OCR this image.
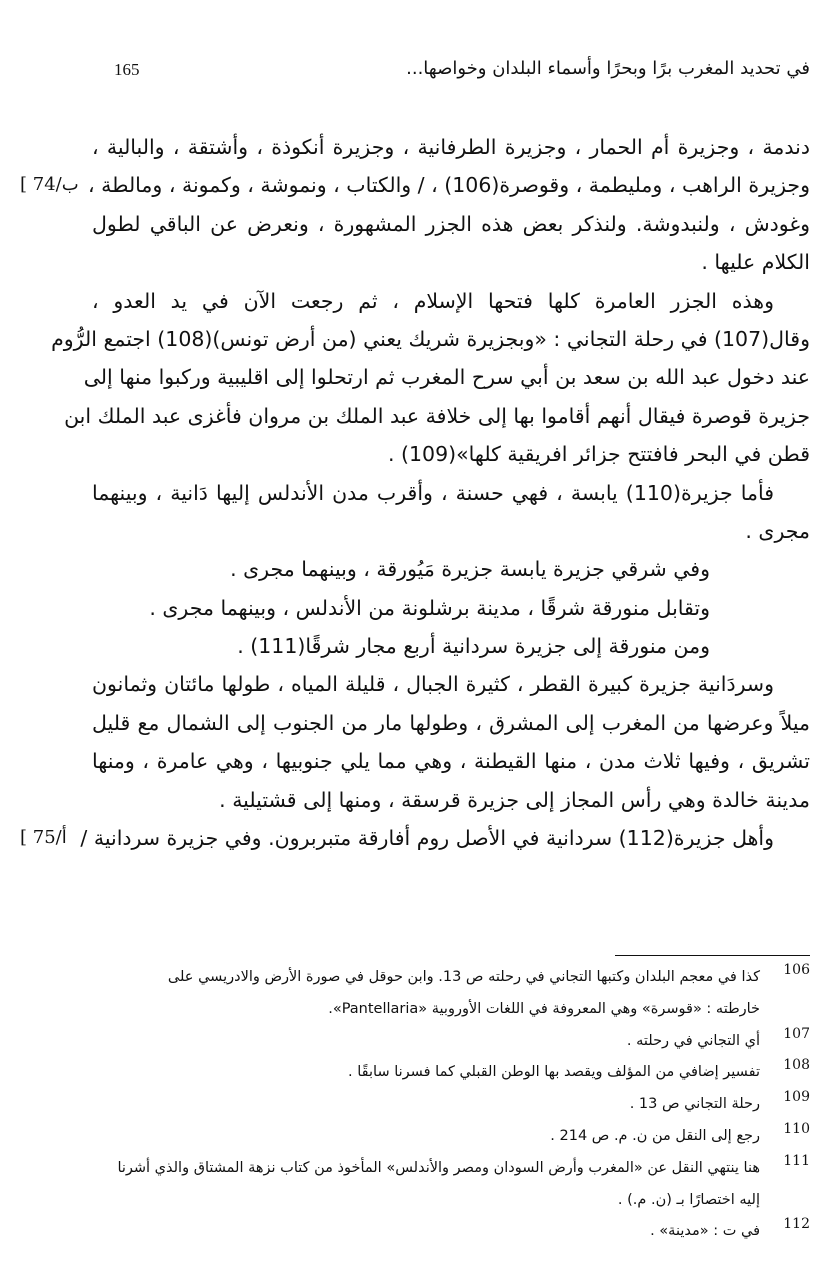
165	في تحديد المغرب برًا وبحرًا وأسماء البلدان وخواصها...
دندمة ، وجزيرة أم الحمار ، وجزيرة الطرفانية ، وجزيرة أنكوذة ، وأشتقة ، والبالية ،
وجزيرة الراهب ، ومليطمة ، وقوصرة(106) ، / والكتاب ، ونموشة ، وكمونة ، ومالطة ،
وغودش ، ولنبدوشة. ولنذكر بعض هذه الجزر المشهورة ، ونعرض عن الباقي لطول
الكلام عليها .
وهذه الجزر العامرة كلها فتحها الإسلام ، ثم رجعت الآن في يد العدو ،
وقال(107) في رحلة التجاني : «وبجزيرة شريك يعني (من أرض تونس)(108) اجتمع الرُّوم
عند دخول عبد الله بن سعد بن أبي سرح المغرب ثم ارتحلوا إلى اقليبية وركبوا منها إلى
جزيرة قوصرة فيقال أنهم أقاموا بها إلى خلافة عبد الملك بن مروان فأغزى عبد الملك ابن
قطن في البحر فافتتح جزائر افريقية كلها»(109) .
فأما جزيرة(110) يابسة ، فهي حسنة ، وأقرب مدن الأندلس إليها دَانية ، وبينهما
مجرى .
وفي شرقي جزيرة يابسة جزيرة مَيُورقة ، وبينهما مجرى .
وتقابل منورقة شرقًا ، مدينة برشلونة من الأندلس ، وبينهما مجرى .
ومن منورقة إلى جزيرة سردانية أربع مجار شرقًا(111) .
وسردَانية جزيرة كبيرة القطر ، كثيرة الجبال ، قليلة المياه ، طولها مائتان وثمانون
ميلاً وعرضها من المغرب إلى المشرق ، وطولها مار من الجنوب إلى الشمال مع قليل
تشريق ، وفيها ثلاث مدن ، منها القيطنة ، وهي مما يلي جنوبيها ، وهي عامرة ، ومنها
مدينة خالدة وهي رأس المجاز إلى جزيرة قرسقة ، ومنها إلى قشتيلية .
وأهل جزيرة(112) سردانية في الأصل روم أفارقة متبربرون. وفي جزيرة سردانية /
106
كذا في معجم البلدان وكتبها التجاني في رحلته ص 13. وابن حوقل في صورة الأرض والادريسي على
خارطته : «قوسرة» وهي المعروفة في اللغات الأوروبية «Pantellaria».
107
أي التجاني في رحلته .
108
تفسير إضافي من المؤلف ويقصد بها الوطن القبلي كما فسرنا سابقًا .
109
رحلة التجاني ص 13 .
110
رجع إلى النقل من ن. م. ص 214 .
111
هنا ينتهي النقل عن «المغرب وأرض السودان ومصر والأندلس» المأخوذ من كتاب نزهة المشتاق والذي أشرنا
إليه اختصارًا بـ (ن. م.) .
112
في ت : «مدينة» .
[ 74/ب
[ 75/أ
